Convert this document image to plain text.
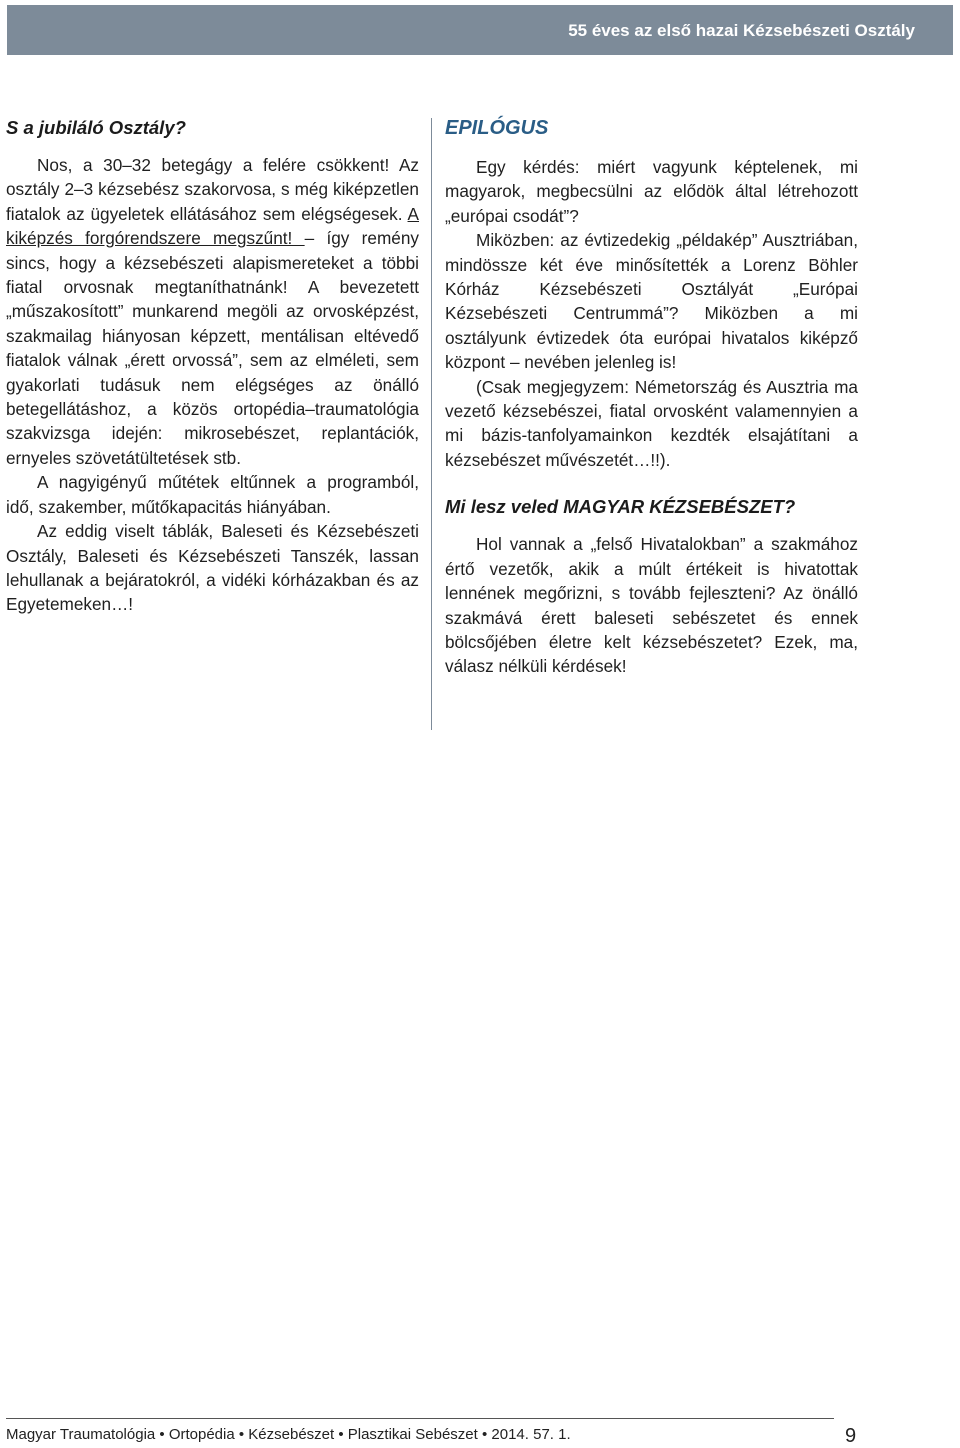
55 éves az első hazai Kézsebészeti Osztály
S a jubiláló Osztály?

Nos, a 30–32 betegágy a felére csökkent! Az osztály 2–3 kézsebész szakorvosa, s még kiképzetlen fiatalok az ügyeletek ellátásához sem elégségesek. A kiképzés forgórendszere megszűnt! – így remény sincs, hogy a kézsebészeti alapismereteket a többi fiatal orvosnak megtaníthatnánk! A bevezetett „műszakosított” munkarend megöli az orvosképzést, szakmailag hiányosan képzett, mentálisan eltévedő fiatalok válnak „érett orvossá”, sem az elméleti, sem gyakorlati tudásuk nem elégséges az önálló betegellátáshoz, a közös ortopédia–traumatológia szakvizsga idején: mikrosebészet, replantációk, ernyeles szövetátültetések stb.

A nagyigényű műtétek eltűnnek a programból, idő, szakember, műtőkapacitás hiányában.

Az eddig viselt táblák, Baleseti és Kézsebészeti Osztály, Baleseti és Kézsebészeti Tanszék, lassan lehullanak a bejáratokról, a vidéki kórházakban és az Egyetemeken…!

EPILÓGUS

Egy kérdés: miért vagyunk képtelenek, mi magyarok, megbecsülni az elődök által létrehozott „európai csodát”?

Miközben: az évtizedekig „példakép” Ausztriában, mindössze két éve minősítették a Lorenz Böhler Kórház Kézsebészeti Osztályát „Európai Kézsebészeti Centrummá”? Miközben a mi osztályunk évtizedek óta európai hivatalos kiképző központ – nevében jelenleg is!

(Csak megjegyzem: Németország és Ausztria ma vezető kézsebészei, fiatal orvosként valamennyien a mi bázis-tanfolyamainkon kezdték elsajátítani a kézsebészet művészetét…!!).

Mi lesz veled MAGYAR KÉZSEBÉSZET?

Hol vannak a „felső Hivatalokban” a szakmához értő vezetők, akik a múlt értékeit is hivatottak lennének megőrizni, s tovább fejleszteni? Az önálló szakmává érett baleseti sebészetet és ennek bölcsőjében életre kelt kézsebészetet? Ezek, ma, válasz nélküli kérdések!

Magyar Traumatológia • Ortopédia • Kézsebészet • Plasztikai Sebészet • 2014. 57. 1.	9
